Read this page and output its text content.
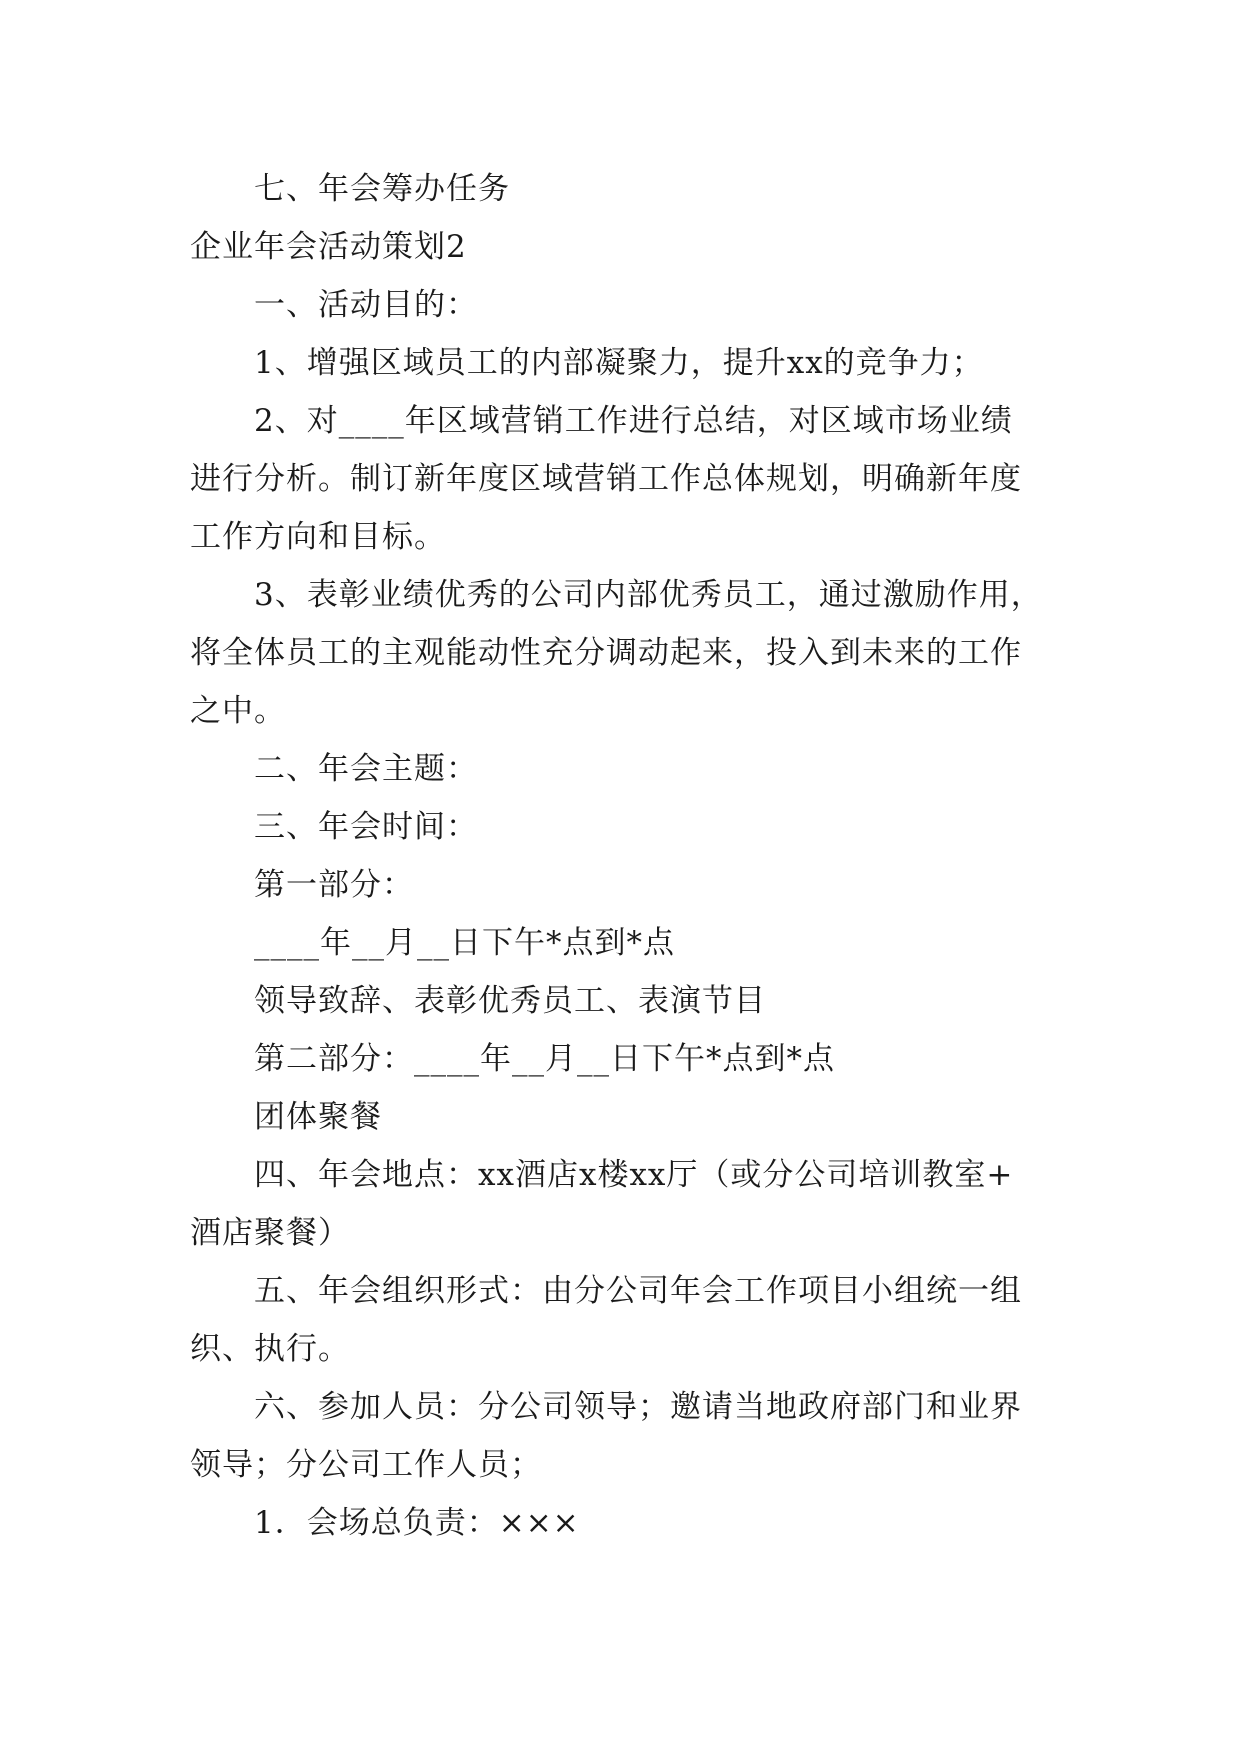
七、年会筹办任务
企业年会活动策划2
一、活动目的：
1、增强区域员工的内部凝聚力，提升xx的竞争力；
2、对____年区域营销工作进行总结，对区域市场业绩
进行分析。制订新年度区域营销工作总体规划，明确新年度
工作方向和目标。
3、表彰业绩优秀的公司内部优秀员工，通过激励作用，
将全体员工的主观能动性充分调动起来，投入到未来的工作
之中。
二、年会主题：
三、年会时间：
第一部分：
____年__月__日下午*点到*点
领导致辞、表彰优秀员工、表演节目
第二部分：____年__月__日下午*点到*点
团体聚餐
四、年会地点：xx酒店x楼xx厅（或分公司培训教室+
酒店聚餐）
五、年会组织形式：由分公司年会工作项目小组统一组
织、执行。
六、参加人员：分公司领导；邀请当地政府部门和业界
领导；分公司工作人员；
1．会场总负责：×××
